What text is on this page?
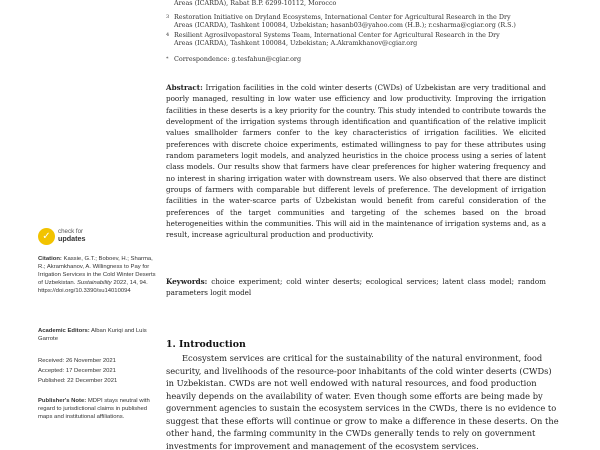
Areas (ICARDA), Rabat B.P. 6299-10112, Morocco
3 Restoration Initiative on Dryland Ecosystems, International Center for Agricultural Research in the Dry
Areas (ICARDA), Tashkent 100084, Uzbekistan; hasanb03@yahoo.com (H.B.); r.csharma@cgiar.org (R.S.)
4 Resilient Agrosilvopastoral Systems Team, International Center for Agricultural Research in the Dry
Areas (ICARDA), Tashkent 100084, Uzbekistan; A.Akramkhanov@cgiar.org
* Correspondence: g.tesfahun@cgiar.org
Abstract: Irrigation facilities in the cold winter deserts (CWDs) of Uzbekistan are very traditional and poorly managed, resulting in low water use efficiency and low productivity. Improving the irrigation facilities in these deserts is a key priority for the country. This study intended to contribute towards the development of the irrigation systems through identification and quantification of the relative implicit values smallholder farmers confer to the key characteristics of irrigation facilities. We elicited preferences with discrete choice experiments, estimated willingness to pay for these attributes using random parameters logit models, and analyzed heuristics in the choice process using a series of latent class models. Our results show that farmers have clear preferences for higher watering frequency and no interest in sharing irrigation water with downstream users. We also observed that there are distinct groups of farmers with comparable but different levels of preference. The development of irrigation facilities in the water-scarce parts of Uzbekistan would benefit from careful consideration of the preferences of the target communities and targeting of the schemes based on the broad heterogeneities within the communities. This will aid in the maintenance of irrigation systems and, as a result, increase agricultural production and productivity.
Keywords: choice experiment; cold winter deserts; ecological services; latent class model; random parameters logit model
✓	check for
updates
Citation: Kassie, G.T.; Boboev, H.; Sharma, R.; Akramkhanov, A. Willingness to Pay for Irrigation Services in the Cold Winter Deserts of Uzbekistan. Sustainability 2022, 14, 94. https://doi.org/10.3390/su14010094
Academic Editors: Alban Kuriqi and Luis Garrote
Received: 26 November 2021
Accepted: 17 December 2021
Published: 22 December 2021
Publisher's Note: MDPI stays neutral with regard to jurisdictional claims in published maps and institutional affiliations.
1. Introduction
Ecosystem services are critical for the sustainability of the natural environment, food
security, and livelihoods of the resource-poor inhabitants of the cold winter deserts (CWDs)
in Uzbekistan. CWDs are not well endowed with natural resources, and food production
heavily depends on the availability of water. Even though some efforts are being made by
government agencies to sustain the ecosystem services in the CWDs, there is no evidence to
suggest that these efforts will continue or grow to make a difference in these deserts. On the
other hand, the farming community in the CWDs generally tends to rely on government
investments for improvement and management of the ecosystem services.
